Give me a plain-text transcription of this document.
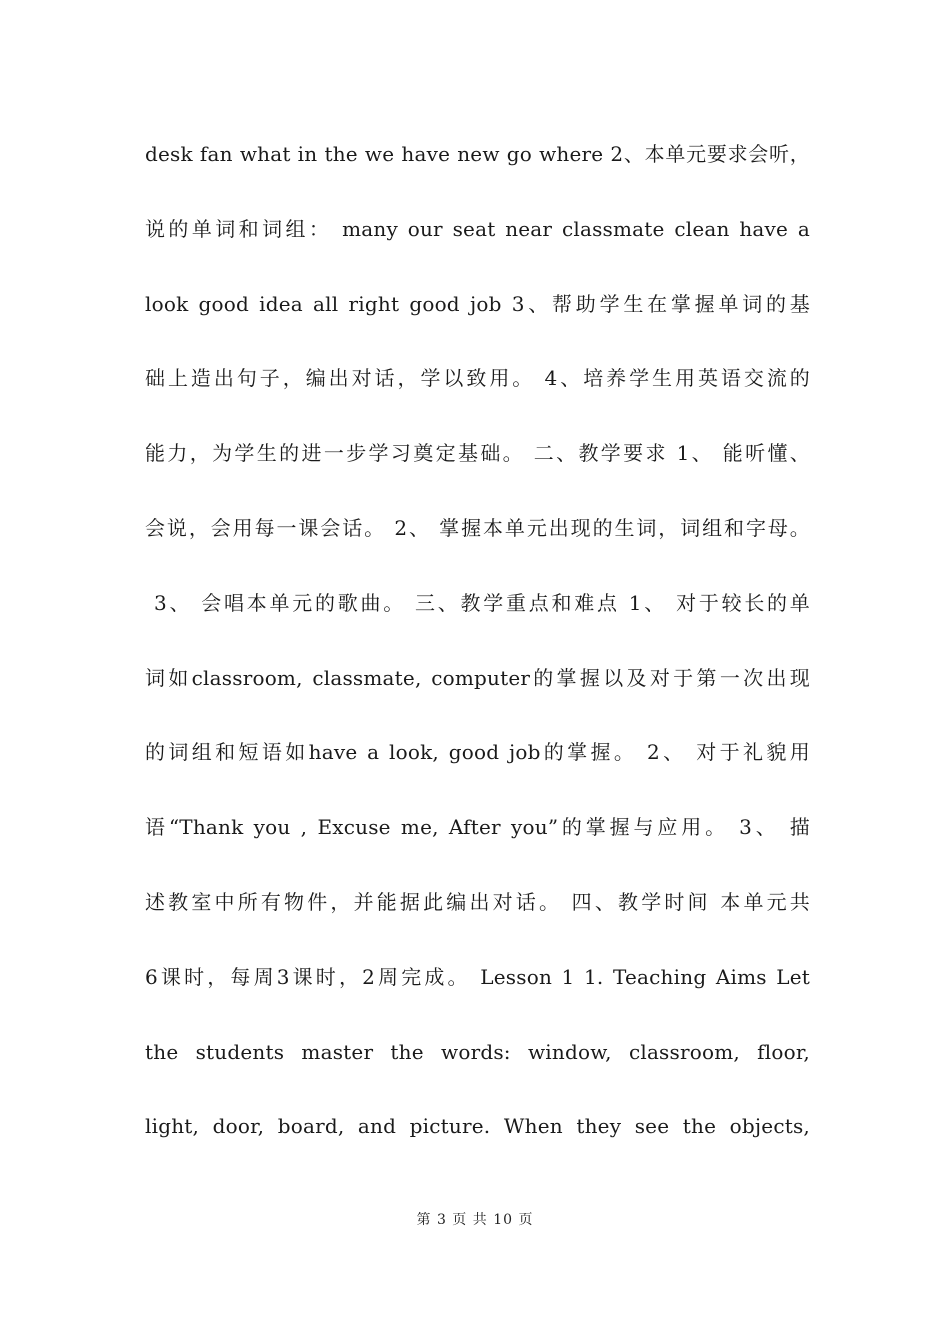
desk fan what in the we have new go where 2、本单元要求会听，
说的单词和词组： many our seat near classmate clean have a
look good idea all right good job 3、帮助学生在掌握单词的基
础上造出句子，编出对话，学以致用。 4、培养学生用英语交流的
能力，为学生的进一步学习奠定基础。 二、教学要求 1、 能听懂、
会说，会用每一课会话。 2、 掌握本单元出现的生词，词组和字母。
3、 会唱本单元的歌曲。 三、教学重点和难点 1、 对于较长的单
词如classroom, classmate, computer的掌握以及对于第一次出现
的词组和短语如have a look, good job的掌握。 2、 对于礼貌用
语“Thank you , Excuse me, After you”的掌握与应用。 3、 描
述教室中所有物件，并能据此编出对话。 四、教学时间 本单元共
6课时，每周3课时，2周完成。 Lesson 1 1. Teaching Aims Let
the students master the words: window, classroom, floor,
light, door, board, and picture. When they see the objects,
第 3 页 共 10 页
